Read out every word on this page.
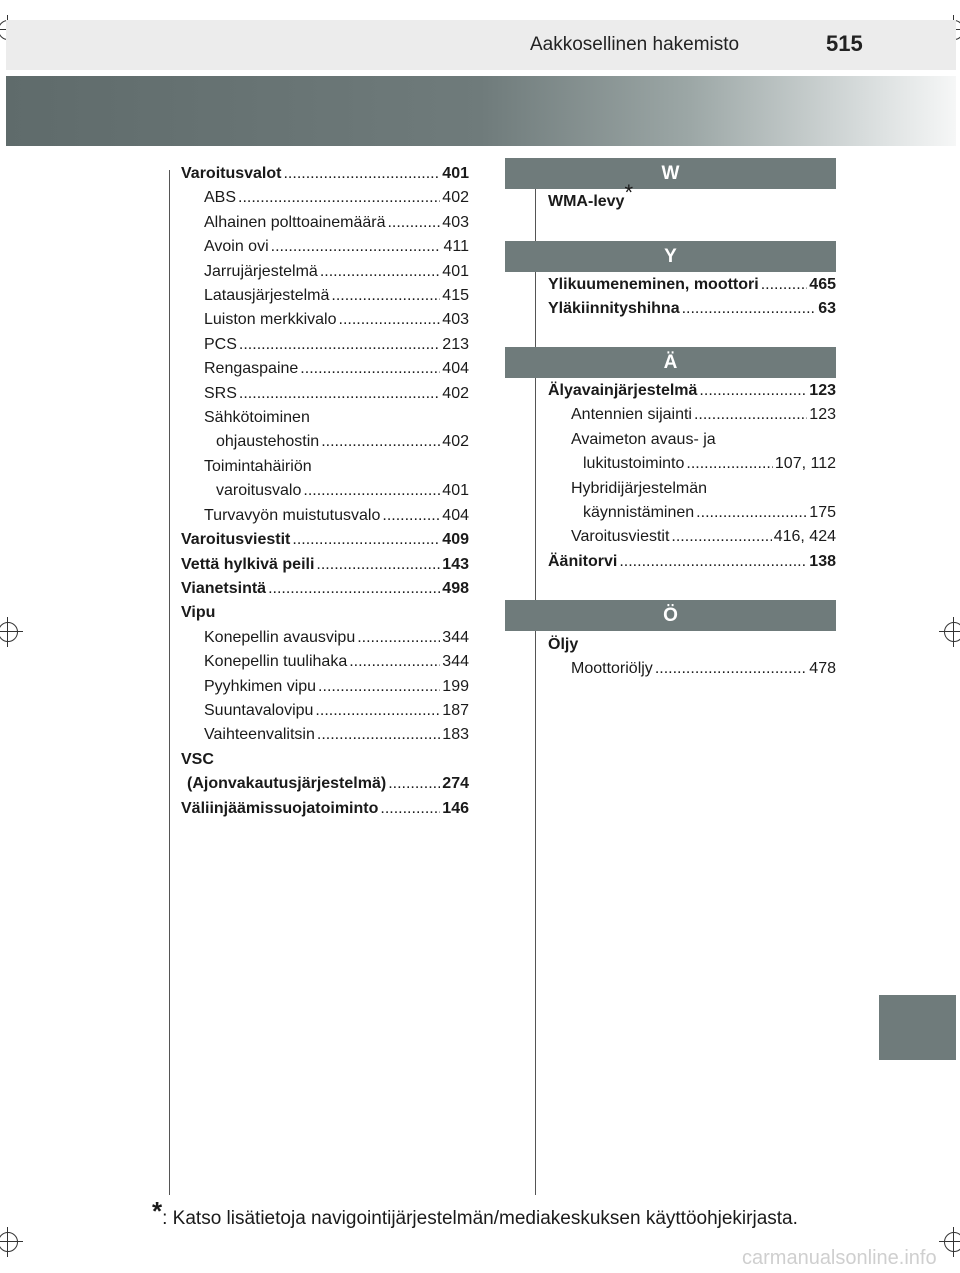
Aakkosellinen hakemisto	515
Varoitusvalot .....	401
ABS .....	402
Alhainen polttoainemäärä .....	403
Avoin ovi .....	411
Jarrujärjestelmä .....	401
Latausjärjestelmä .....	415
Luiston merkkivalo .....	403
PCS .....	213
Rengaspaine .....	404
SRS .....	402
Sähkötoiminen
ohjaustehostin .....	402
Toimintahäiriön
varoitusvalo .....	401
Turvavyön muistutusvalo .....	404
Varoitusviestit .....	409
Vettä hylkivä peili .....	143
Vianetsintä .....	498
Vipu
Konepellin avausvipu .....	344
Konepellin tuulihaka .....	344
Pyyhkimen vipu .....	199
Suuntavalovipu .....	187
Vaihteenvalitsin .....	183
VSC
(Ajonvakautusjärjestelmä) .....	274
Väliinjäämissuojatoiminto .....	146
W
Y
Ä
Ö
WMA-levy*
Ylikuumeneminen, moottori .....	465
Yläkiinnityshihna .....	63
Älyavainjärjestelmä .....	123
Antennien sijainti .....	123
Avaimeton avaus- ja
lukitustoiminto .....	107, 112
Hybridijärjestelmän
käynnistäminen .....	175
Varoitusviestit .....	416, 424
Äänitorvi .....	138
Öljy
Moottoriöljy .....	478
*: Katso lisätietoja navigointijärjestelmän/mediakeskuksen käyttöohjekirjasta.
carmanualsonline.info
